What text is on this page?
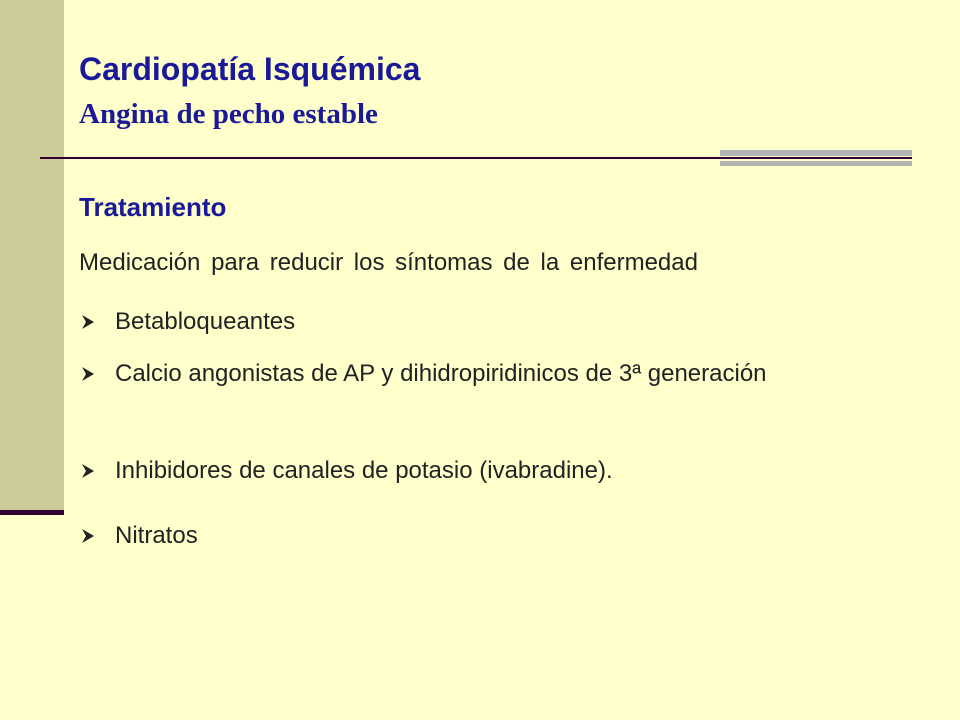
Cardiopatía Isquémica
Angina de pecho estable
Tratamiento

Medicación para reducir los síntomas de la enfermedad

Betabloqueantes
Calcio angonistas de AP y dihidropiridinicos de 3ª generación
Inhibidores de canales de potasio (ivabradine).
Nitratos
